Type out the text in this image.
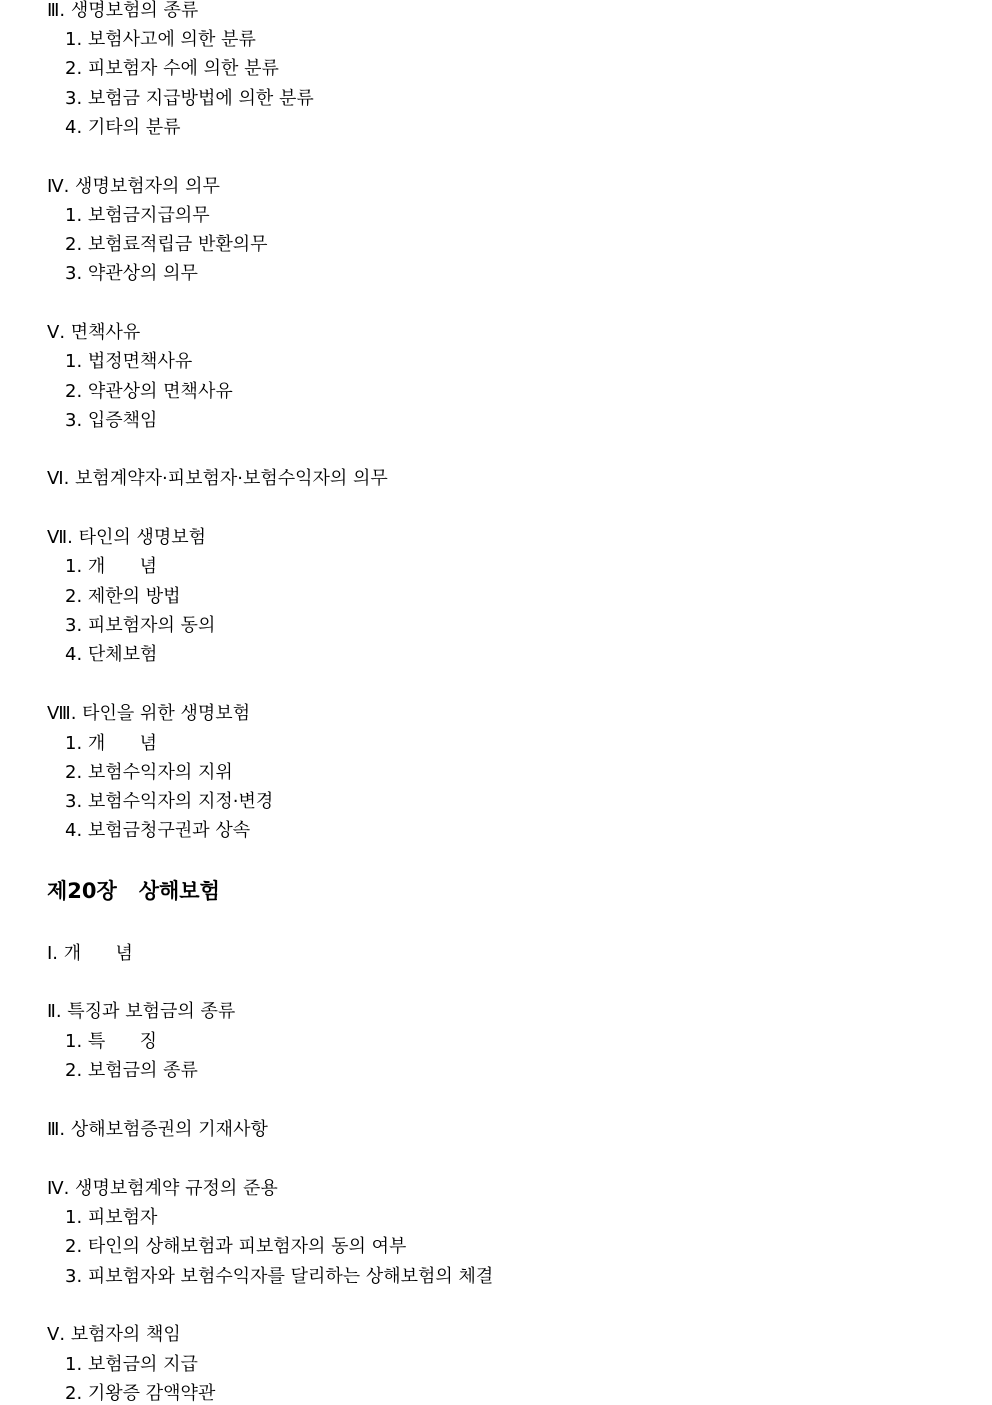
Ⅲ. 생명보험의 종류
1. 보험사고에 의한 분류
2. 피보험자 수에 의한 분류
3. 보험금 지급방법에 의한 분류
4. 기타의 분류
Ⅳ. 생명보험자의 의무
1. 보험금지급의무
2. 보험료적립금 반환의무
3. 약관상의 의무
Ⅴ. 면책사유
1. 법정면책사유
2. 약관상의 면책사유
3. 입증책임
Ⅵ. 보험계약자·피보험자·보험수익자의 의무
Ⅶ. 타인의 생명보험
1. 개      념
2. 제한의 방법
3. 피보험자의 동의
4. 단체보험
Ⅷ. 타인을 위한 생명보험
1. 개      념
2. 보험수익자의 지위
3. 보험수익자의 지정·변경
4. 보험금청구권과 상속
제20장   상해보험
Ⅰ. 개      념
Ⅱ. 특징과 보험금의 종류
1. 특      징
2. 보험금의 종류
Ⅲ. 상해보험증권의 기재사항
Ⅳ. 생명보험계약 규정의 준용
1. 피보험자
2. 타인의 상해보험과 피보험자의 동의 여부
3. 피보험자와 보험수익자를 달리하는 상해보험의 체결
Ⅴ. 보험자의 책임
1. 보험금의 지급
2. 기왕증 감액약관
